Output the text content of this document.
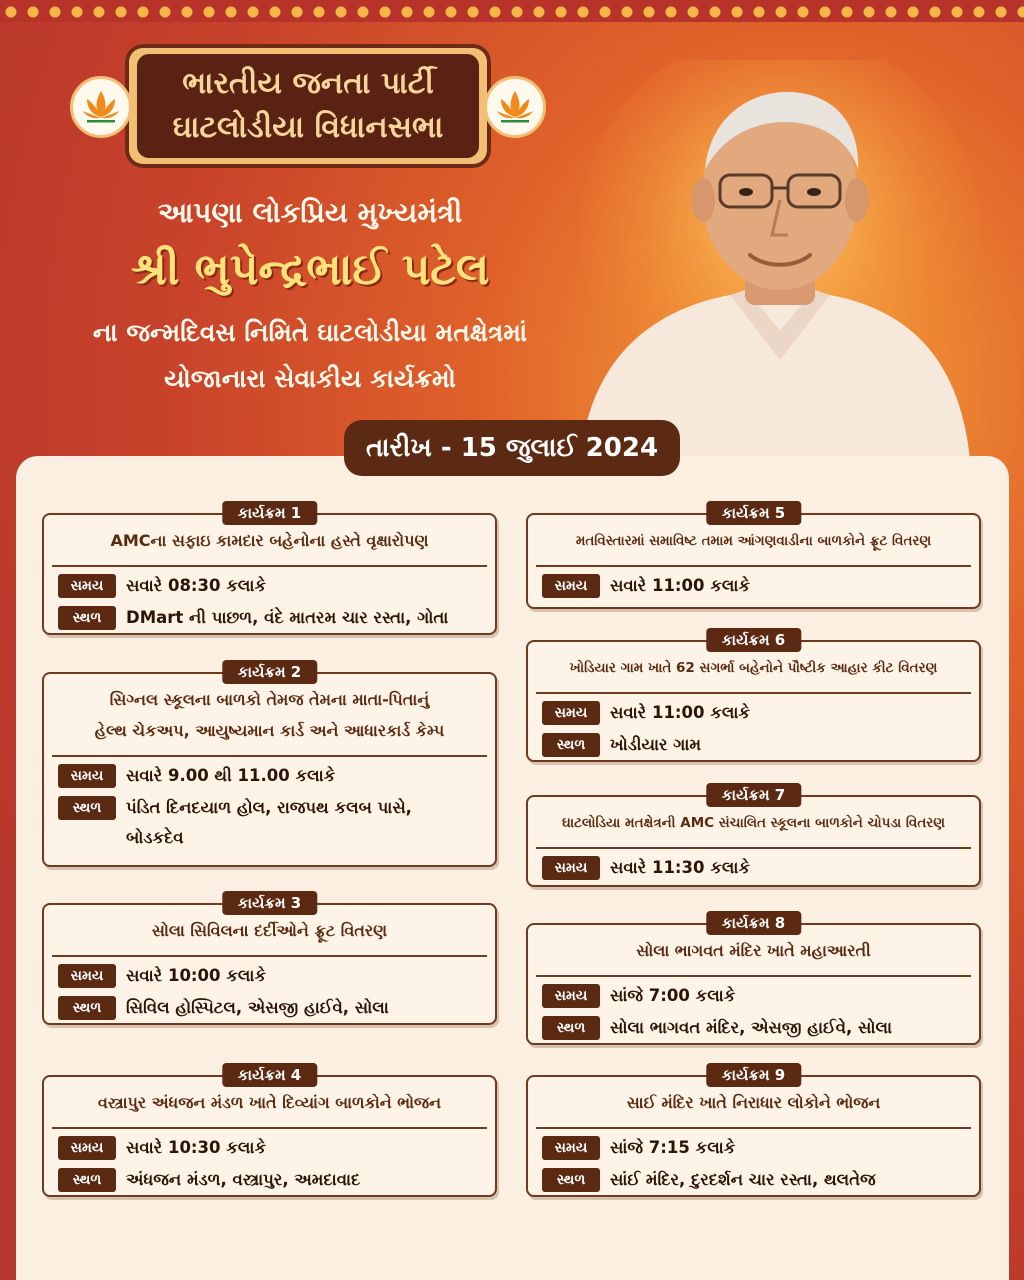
ભારતીય જનતા પાર્ટી
ઘાટલોડીયા વિધાનસભા
આપણા લોકપ્રિય મુખ્યમંત્રી
શ્રી ભુપેન્દ્રભાઈ પટેલ
ના જન્મદિવસ નિમિતે ઘાટલોડીયા મતક્ષેત્રમાં
યોજાનારા સેવાકીય કાર્યક્રમો
તારીખ - 15 જુલાઈ 2024
કાર્યક્રમ 1
AMCના સફાઇ કામદાર બહેનોના હસ્તે વૃક્ષારોપણ
સમય	સવારે 08:30 કલાકે
સ્થળ	DMart ની પાછળ, વંદે માતરમ ચાર રસ્તા, ગોતા
કાર્યક્રમ 2
સિગ્નલ સ્કૂલના બાળકો તેમજ તેમના માતા-પિતાનું
હેલ્થ ચેકઅપ, આયુષ્યમાન કાર્ડ અને આધારકાર્ડ કેમ્પ
સમય	સવારે 9.00 થી 11.00 કલાકે
સ્થળ	પંડિત દિનદયાળ હોલ, રાજપથ કલબ પાસે,
બોડકદેવ
કાર્યક્રમ 3
સોલા સિવિલના દર્દીઓને ફ્રૂટ વિતરણ
સમય	સવારે 10:00 કલાકે
સ્થળ	સિવિલ હોસ્પિટલ, એસજી હાઈવે, સોલા
કાર્યક્રમ 4
વસ્ત્રાપુર અંધજન મંડળ ખાતે દિવ્યાંગ બાળકોને ભોજન
સમય	સવારે 10:30 કલાકે
સ્થળ	અંધજન મંડળ, વસ્ત્રાપુર, અમદાવાદ
કાર્યક્રમ 5
મતવિસ્તારમાં સમાવિષ્ટ તમામ આંગણવાડીના બાળકોને ફ્રૂટ વિતરણ
સમય	સવારે 11:00 કલાકે
કાર્યક્રમ 6
ખોડિયાર ગામ ખાતે 62 સગર્ભા બહેનોને પૌષ્ટીક આહાર કીટ વિતરણ
સમય	સવારે 11:00 કલાકે
સ્થળ	ખોડીયાર ગામ
કાર્યક્રમ 7
ઘાટલોડિયા મતક્ષેત્રની AMC સંચાલિત સ્કૂલના બાળકોને ચોપડા વિતરણ
સમય	સવારે 11:30 કલાકે
કાર્યક્રમ 8
સોલા ભાગવત મંદિર ખાતે મહાઆરતી
સમય	સાંજે 7:00 કલાકે
સ્થળ	સોલા ભાગવત મંદિર, એસજી હાઈવે, સોલા
કાર્યક્રમ 9
સાઈ મંદિર ખાતે નિરાધાર લોકોને ભોજન
સમય	સાંજે 7:15 કલાકે
સ્થળ	સાંઈ મંદિર, દુરદર્શન ચાર રસ્તા, થલતેજ
